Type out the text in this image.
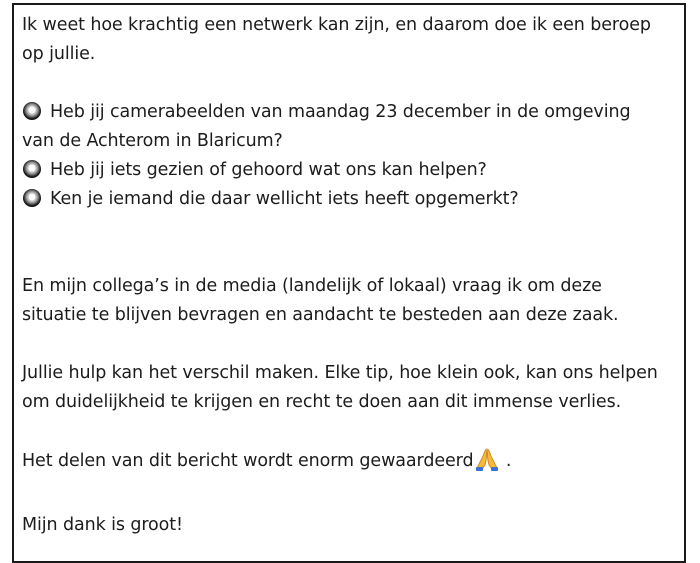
Ik weet hoe krachtig een netwerk kan zijn, en daarom doe ik een beroep op jullie.

Heb jij camerabeelden van maandag 23 december in de omgeving van de Achterom in Blaricum?

Heb jij iets gezien of gehoord wat ons kan helpen?

Ken je iemand die daar wellicht iets heeft opgemerkt?

En mijn collega’s in de media (landelijk of lokaal) vraag ik om deze situatie te blijven bevragen en aandacht te besteden aan deze zaak.

Jullie hulp kan het verschil maken. Elke tip, hoe klein ook, kan ons helpen om duidelijkheid te krijgen en recht te doen aan dit immense verlies.

Het delen van dit bericht wordt enorm gewaardeerd .

Mijn dank is groot!
